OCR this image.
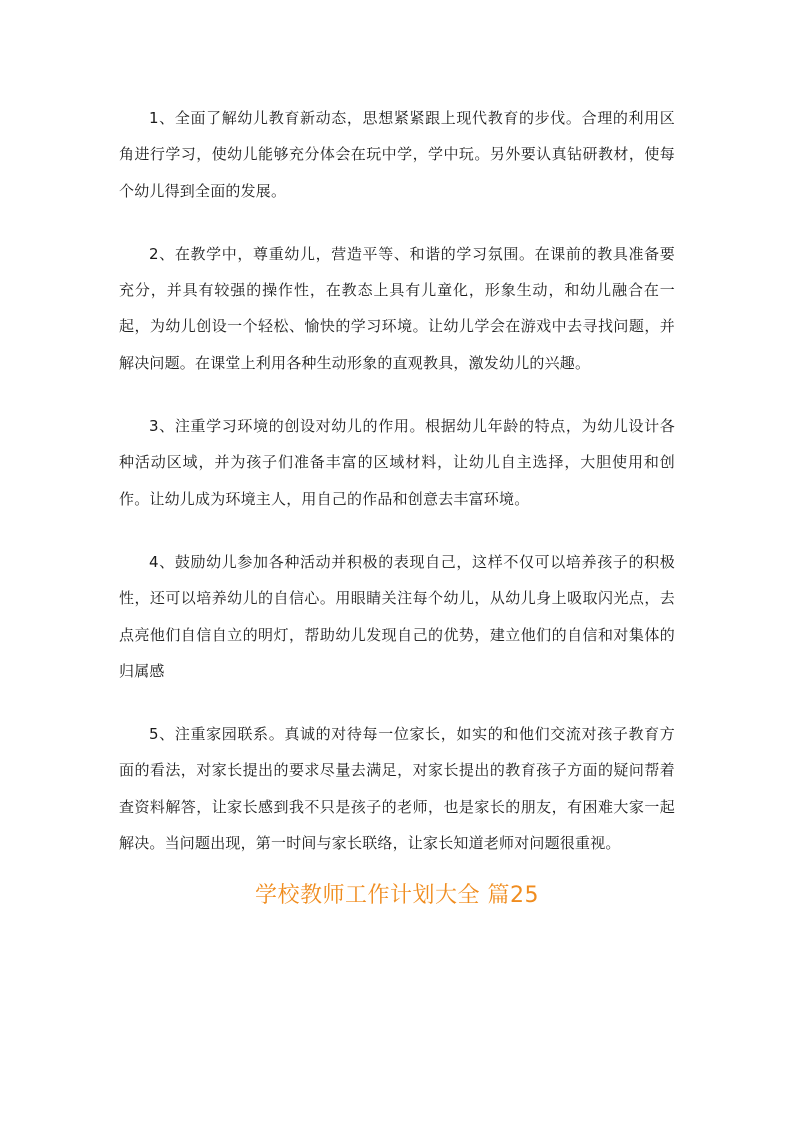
1、全面了解幼儿教育新动态，思想紧紧跟上现代教育的步伐。合理的利用区角进行学习，使幼儿能够充分体会在玩中学，学中玩。另外要认真钻研教材，使每个幼儿得到全面的发展。

2、在教学中，尊重幼儿，营造平等、和谐的学习氛围。在课前的教具准备要充分，并具有较强的操作性，在教态上具有儿童化，形象生动，和幼儿融合在一起，为幼儿创设一个轻松、愉快的学习环境。让幼儿学会在游戏中去寻找问题，并解决问题。在课堂上利用各种生动形象的直观教具，激发幼儿的兴趣。

3、注重学习环境的创设对幼儿的作用。根据幼儿年龄的特点，为幼儿设计各种活动区域，并为孩子们准备丰富的区域材料，让幼儿自主选择，大胆使用和创作。让幼儿成为环境主人，用自己的作品和创意去丰富环境。

4、鼓励幼儿参加各种活动并积极的表现自己，这样不仅可以培养孩子的积极性，还可以培养幼儿的自信心。用眼睛关注每个幼儿，从幼儿身上吸取闪光点，去点亮他们自信自立的明灯，帮助幼儿发现自己的优势，建立他们的自信和对集体的归属感

5、注重家园联系。真诚的对待每一位家长，如实的和他们交流对孩子教育方面的看法，对家长提出的要求尽量去满足，对家长提出的教育孩子方面的疑问帮着查资料解答，让家长感到我不只是孩子的老师，也是家长的朋友，有困难大家一起解决。当问题出现，第一时间与家长联络，让家长知道老师对问题很重视。

学校教师工作计划大全 篇25
